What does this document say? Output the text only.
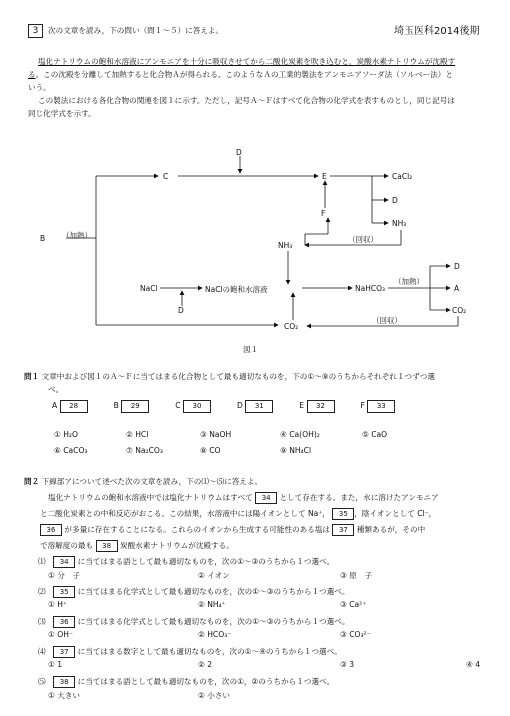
3	次の文章を読み，下の問い（問１～５）に答えよ。	埼玉医科2014後期
塩化ナトリウムの飽和水溶液にアンモニアを十分に吸収させてから二酸化炭素を吹き込むと，炭酸水素ナトリウムが沈殿す
る。この沈殿を分離して加熱すると化合物Ａが得られる。このようなＡの工業的製法をアンモニアソーダ法（ソルベー法）と
いう。
この製法における各化合物の関連を図１に示す。ただし，記号Ａ～Ｆはすべて化合物の化学式を表すものとし，同じ記号は
同じ化学式を示す。
B （加熱）
C
D
E	CaCl₂
D
NH₃
F
NH₃
（回収）
NaCl	NaClの飽和水溶液
D
NaHCO₃
（加熱）
D
A
CO₂
（回収）
CO₂
図１
問１ 文章中および図１のＡ～Ｆに当てはまる化合物として最も適切なものを，下の①～⑨のうちからそれぞれ１つずつ選
べ。
A 28	B 29	C 30	D 31	E 32	F 33
① H₂O	② HCl	③ NaOH	④ Ca(OH)₂	⑤ CaO
⑥ CaCO₃	⑦ Na₂CO₃	⑧ CO	⑨ NH₄Cl
問２ 下線部アについて述べた次の文章を読み，下の⑴～⑸に答えよ。
塩化ナトリウムの飽和水溶液中では塩化ナトリウムはすべて 34 として存在する。また，水に溶けたアンモニア
と二酸化炭素との中和反応がおこる。この結果，水溶液中には陽イオンとして Na⁺， 35 ，陰イオンとして Cl⁻，
36 が多量に存在することになる。これらのイオンから生成する可能性のある塩は 37 種類あるが，その中
で溶解度の最も 38 炭酸水素ナトリウムが沈殿する。
⑴　 34 に当てはまる語として最も適切なものを，次の①～③のうちから１つ選べ。
① 分　子	② イオン	③ 原　子
⑵　 35 に当てはまる化学式として最も適切なものを，次の①～③のうちから１つ選べ。
① H⁺	② NH₄⁺	③ Ca²⁺
⑶　 36 に当てはまる化学式として最も適切なものを，次の①～③のうちから１つ選べ。
① OH⁻	② HCO₃⁻	③ CO₃²⁻
⑷　 37 に当てはまる数字として最も適切なものを，次の①～④のうちから１つ選べ。
① 1	② 2	③ 3	④ 4
⑸　 38 に当てはまる語として最も適切なものを，次の①，②のうちから１つ選べ。
① 大きい	② 小さい
